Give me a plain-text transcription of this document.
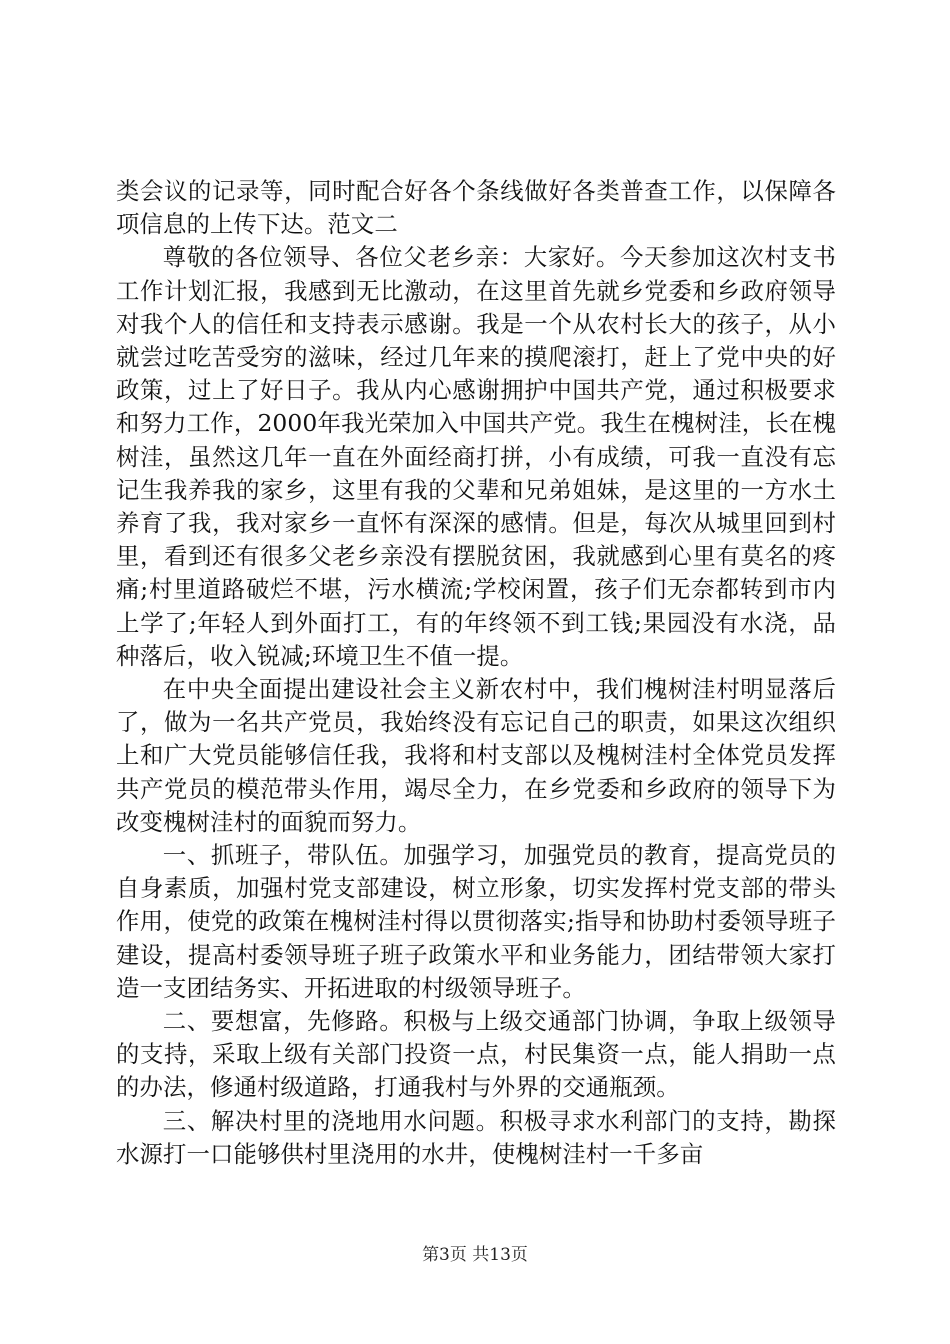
类会议的记录等，同时配合好各个条线做好各类普查工作，以保障各项信息的上传下达。范文二

尊敬的各位领导、各位父老乡亲：大家好。今天参加这次村支书工作计划汇报，我感到无比激动，在这里首先就乡党委和乡政府领导对我个人的信任和支持表示感谢。我是一个从农村长大的孩子，从小就尝过吃苦受穷的滋味，经过几年来的摸爬滚打，赶上了党中央的好政策，过上了好日子。我从内心感谢拥护中国共产党，通过积极要求和努力工作，2000年我光荣加入中国共产党。我生在槐树洼，长在槐树洼，虽然这几年一直在外面经商打拼，小有成绩，可我一直没有忘记生我养我的家乡，这里有我的父辈和兄弟姐妹，是这里的一方水土养育了我，我对家乡一直怀有深深的感情。但是，每次从城里回到村里，看到还有很多父老乡亲没有摆脱贫困，我就感到心里有莫名的疼痛;村里道路破烂不堪，污水横流;学校闲置，孩子们无奈都转到市内上学了;年轻人到外面打工，有的年终领不到工钱;果园没有水浇，品种落后，收入锐减;环境卫生不值一提。

在中央全面提出建设社会主义新农村中，我们槐树洼村明显落后了，做为一名共产党员，我始终没有忘记自己的职责，如果这次组织上和广大党员能够信任我，我将和村支部以及槐树洼村全体党员发挥共产党员的模范带头作用，竭尽全力，在乡党委和乡政府的领导下为改变槐树洼村的面貌而努力。

一、抓班子，带队伍。加强学习，加强党员的教育，提高党员的自身素质，加强村党支部建设，树立形象，切实发挥村党支部的带头作用，使党的政策在槐树洼村得以贯彻落实;指导和协助村委领导班子建设，提高村委领导班子班子政策水平和业务能力，团结带领大家打造一支团结务实、开拓进取的村级领导班子。

二、要想富，先修路。积极与上级交通部门协调，争取上级领导的支持，采取上级有关部门投资一点，村民集资一点，能人捐助一点的办法，修通村级道路，打通我村与外界的交通瓶颈。

三、解决村里的浇地用水问题。积极寻求水利部门的支持，勘探水源打一口能够供村里浇用的水井，使槐树洼村一千多亩

第3页 共13页
